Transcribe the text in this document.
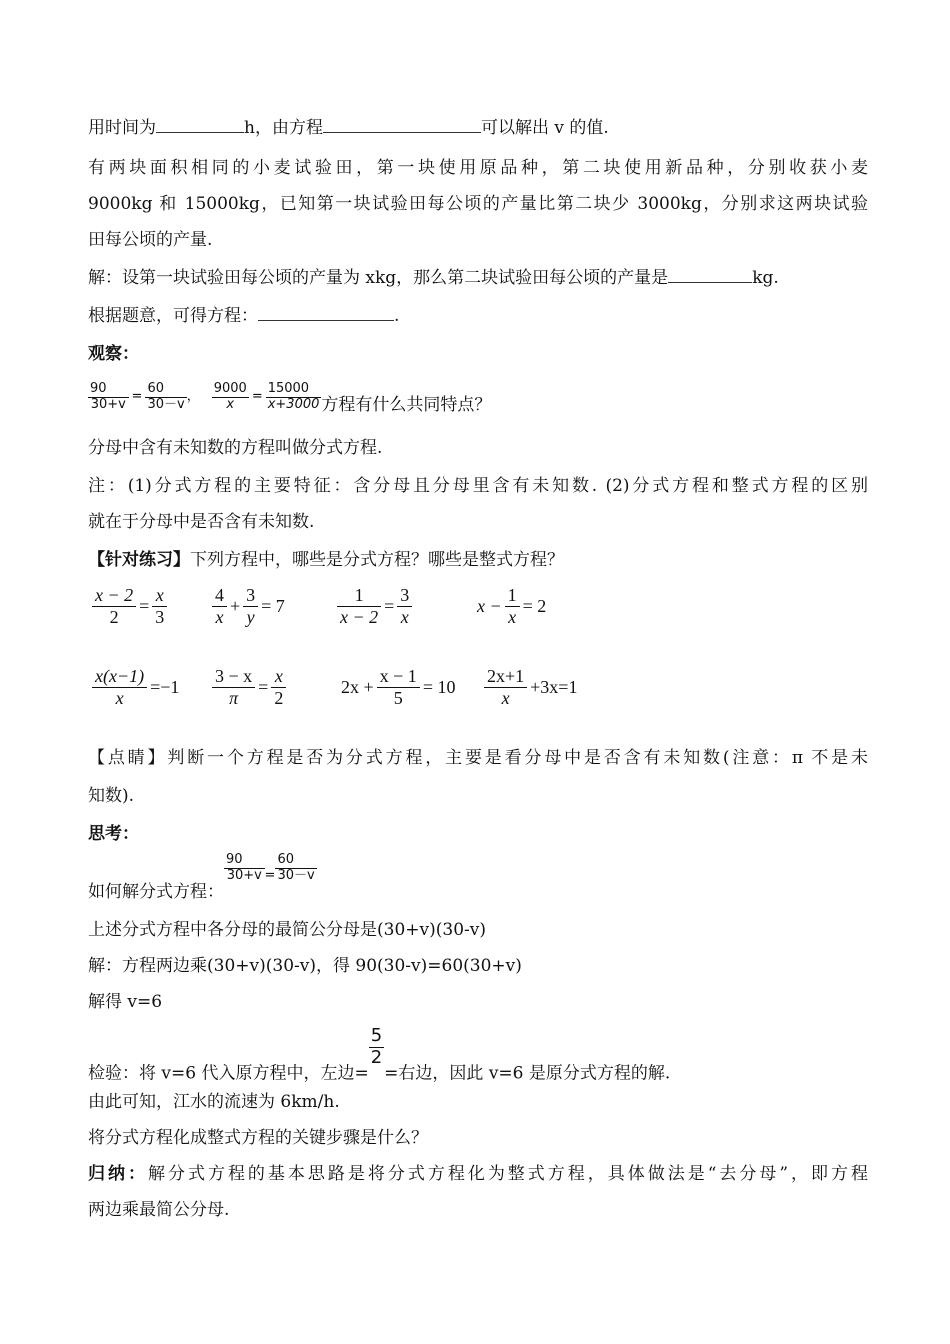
用时间为	h，由方程	可以解出 v 的值.
有两块面积相同的小麦试验田，第一块使用原品种，第二块使用新品种，分别收获小麦
9000kg 和 15000kg，已知第一块试验田每公顷的产量比第二块少 3000kg，分别求这两块试验
田每公顷的产量.
解：设第一块试验田每公顷的产量为 xkg，那么第二块试验田每公顷的产量是	kg.
根据题意，可得方程：	.
观察：
$\frac{90}{30+v} = \frac{60}{30-v}$ ， $\frac{9000}{x} = \frac{15000}{x+3000}$ 方程有什么共同特点？
分母中含有未知数的方程叫做分式方程.
注：(1)分式方程的主要特征：含分母且分母里含有未知数. (2)分式方程和整式方程的区别
就在于分母中是否含有未知数.
【针对练习】下列方程中，哪些是分式方程？哪些是整式方程？
$\frac{x - 2}{2} = \frac{x}{3} \frac{4}{x} + \frac{3}{y} = 7$	$\frac{1}{x - 2} = \frac{3}{x}$	$x - \frac{1}{x} = 2$
$\frac{x(x-1)}{x} =-1 \frac{3 - x}{\pi} = \frac{x}{2}$	$2x + \frac{x - 1}{5} = 10 \frac{2x+1}{x} +3x=1$
【点睛】判断一个方程是否为分式方程，主要是看分母中是否含有未知数(注意：π 不是未
知数).
思考：
如何解分式方程：
$\frac{90}{30+v} ^= \frac{60}{30-v}$
上述分式方程中各分母的最简公分母是(30+v)(30-v)
解：方程两边乘(30+v)(30-v)，得 90(30-v)=60(30+v)
解得 v=6
检验：将 v=6 代入原方程中，左边=
$\frac{5}{2}$
=右边，因此 v=6 是原分式方程的解.
由此可知，江水的流速为 6km/h.
将分式方程化成整式方程的关键步骤是什么？
归纳：解分式方程的基本思路是将分式方程化为整式方程，具体做法是“去分母”，即方程
两边乘最简公分母.
